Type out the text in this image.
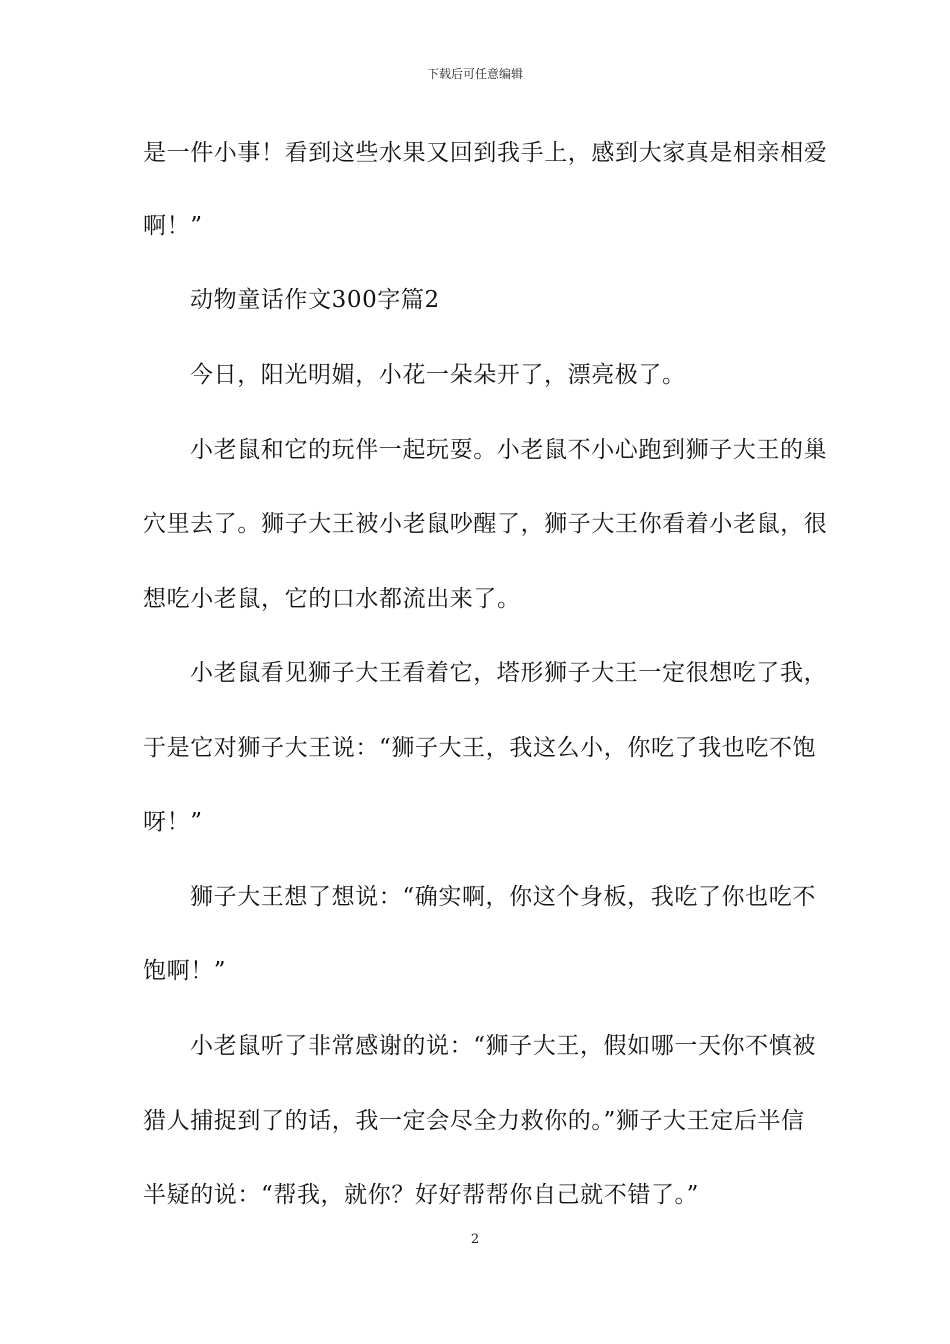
下载后可任意编辑
是一件小事！看到这些水果又回到我手上，感到大家真是相亲相爱
啊！”
动物童话作文300字篇2
今日，阳光明媚，小花一朵朵开了，漂亮极了。
小老鼠和它的玩伴一起玩耍。小老鼠不小心跑到狮子大王的巢
穴里去了。狮子大王被小老鼠吵醒了，狮子大王你看着小老鼠，很
想吃小老鼠，它的口水都流出来了。
小老鼠看见狮子大王看着它，塔形狮子大王一定很想吃了我，
于是它对狮子大王说：“狮子大王，我这么小，你吃了我也吃不饱
呀！”
狮子大王想了想说：“确实啊，你这个身板，我吃了你也吃不
饱啊！”
小老鼠听了非常感谢的说：“狮子大王，假如哪一天你不慎被
猎人捕捉到了的话，我一定会尽全力救你的。”狮子大王定后半信
半疑的说：“帮我，就你？好好帮帮你自己就不错了。”
2
